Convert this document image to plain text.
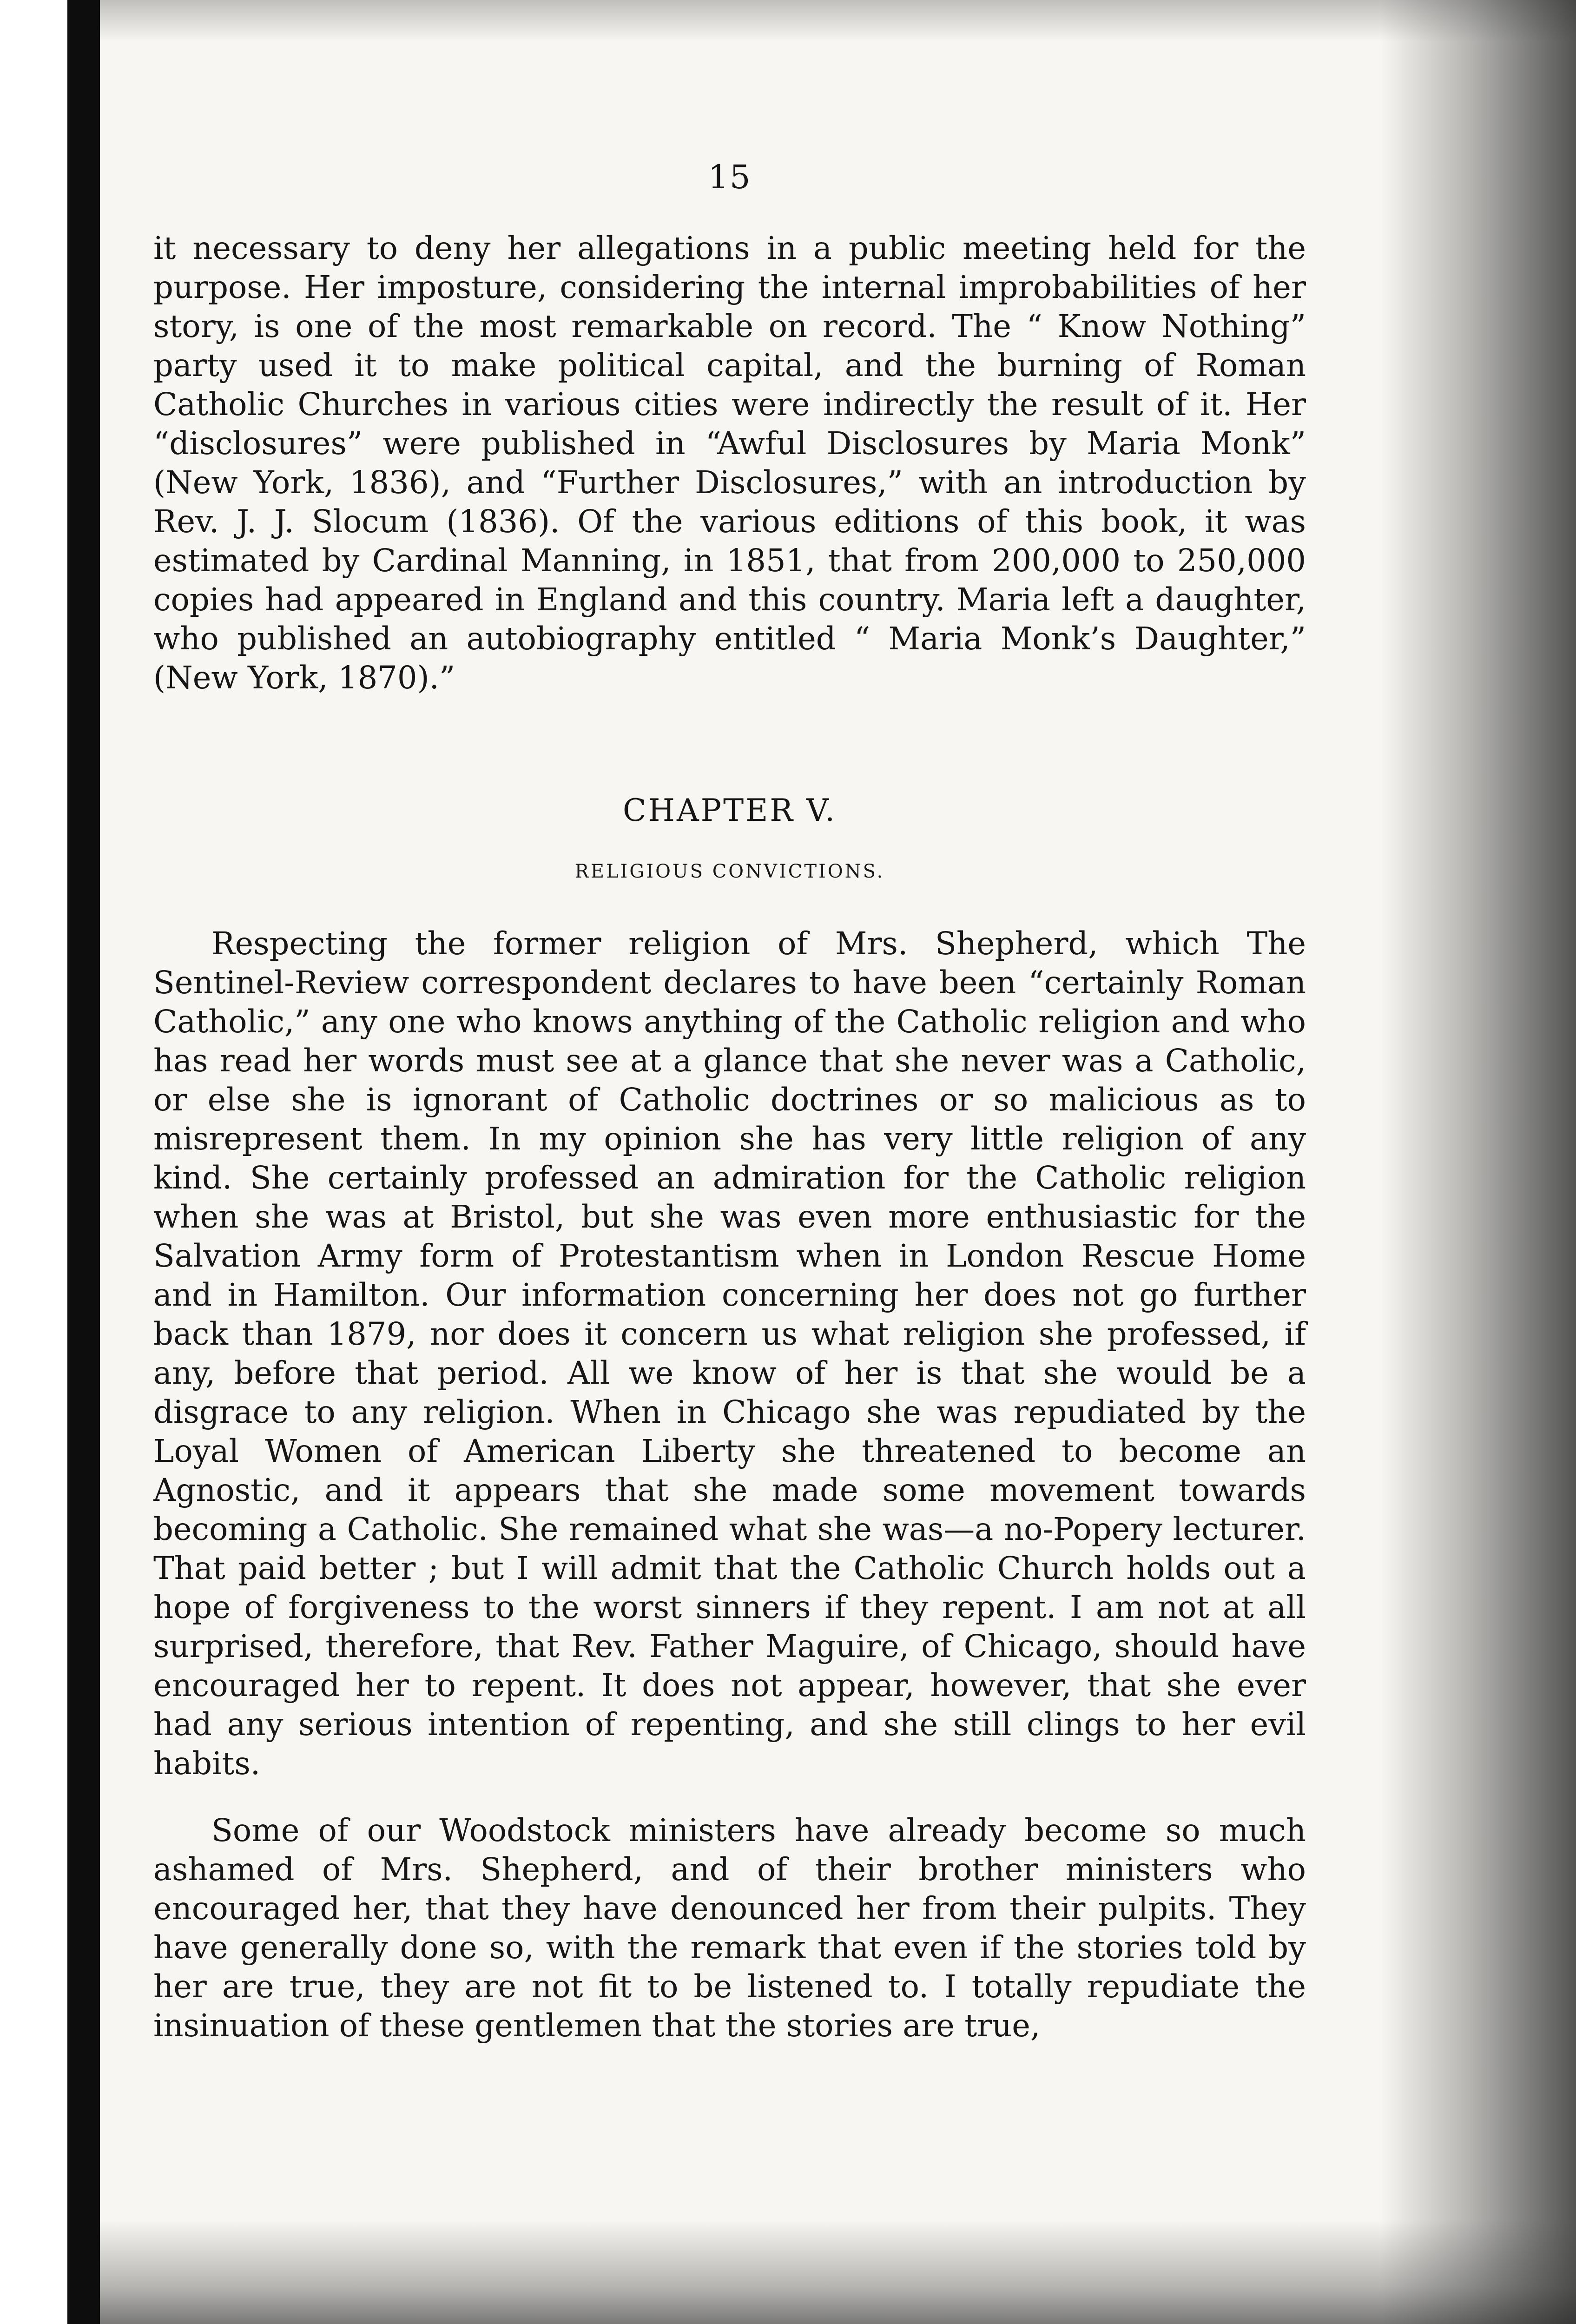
15

it necessary to deny her allegations in a public meeting held for the purpose. Her imposture, considering the internal improbabilities of her story, is one of the most remarkable on record. The “ Know Nothing” party used it to make political capital, and the burning of Roman Catholic Churches in various cities were indirectly the result of it. Her “disclosures” were published in “Awful Disclosures by Maria Monk” (New York, 1836), and “Further Disclosures,” with an introduction by Rev. J. J. Slocum (1836). Of the various editions of this book, it was estimated by Cardinal Manning, in 1851, that from 200,000 to 250,000 copies had appeared in England and this country. Maria left a daughter, who published an autobiography entitled “ Maria Monk’s Daughter,” (New York, 1870).”

CHAPTER V.
RELIGIOUS CONVICTIONS.

Respecting the former religion of Mrs. Shepherd, which The Sentinel-Review correspondent declares to have been “certainly Roman Catholic,” any one who knows anything of the Catholic religion and who has read her words must see at a glance that she never was a Catholic, or else she is ignorant of Catholic doctrines or so malicious as to misrepresent them. In my opinion she has very little religion of any kind. She certainly professed an admiration for the Catholic religion when she was at Bristol, but she was even more enthusiastic for the Salvation Army form of Protestantism when in London Rescue Home and in Hamilton. Our information concerning her does not go further back than 1879, nor does it concern us what religion she professed, if any, before that period. All we know of her is that she would be a disgrace to any religion. When in Chicago she was repudiated by the Loyal Women of American Liberty she threatened to become an Agnostic, and it appears that she made some movement towards becoming a Catholic. She remained what she was—a no-Popery lecturer. That paid better ; but I will admit that the Catholic Church holds out a hope of forgiveness to the worst sinners if they repent. I am not at all surprised, therefore, that Rev. Father Maguire, of Chicago, should have encouraged her to repent. It does not appear, however, that she ever had any serious intention of repenting, and she still clings to her evil habits.

Some of our Woodstock ministers have already become so much ashamed of Mrs. Shepherd, and of their brother ministers who encouraged her, that they have denounced her from their pulpits. They have generally done so, with the remark that even if the stories told by her are true, they are not fit to be listened to. I totally repudiate the insinuation of these gentlemen that the stories are true,
